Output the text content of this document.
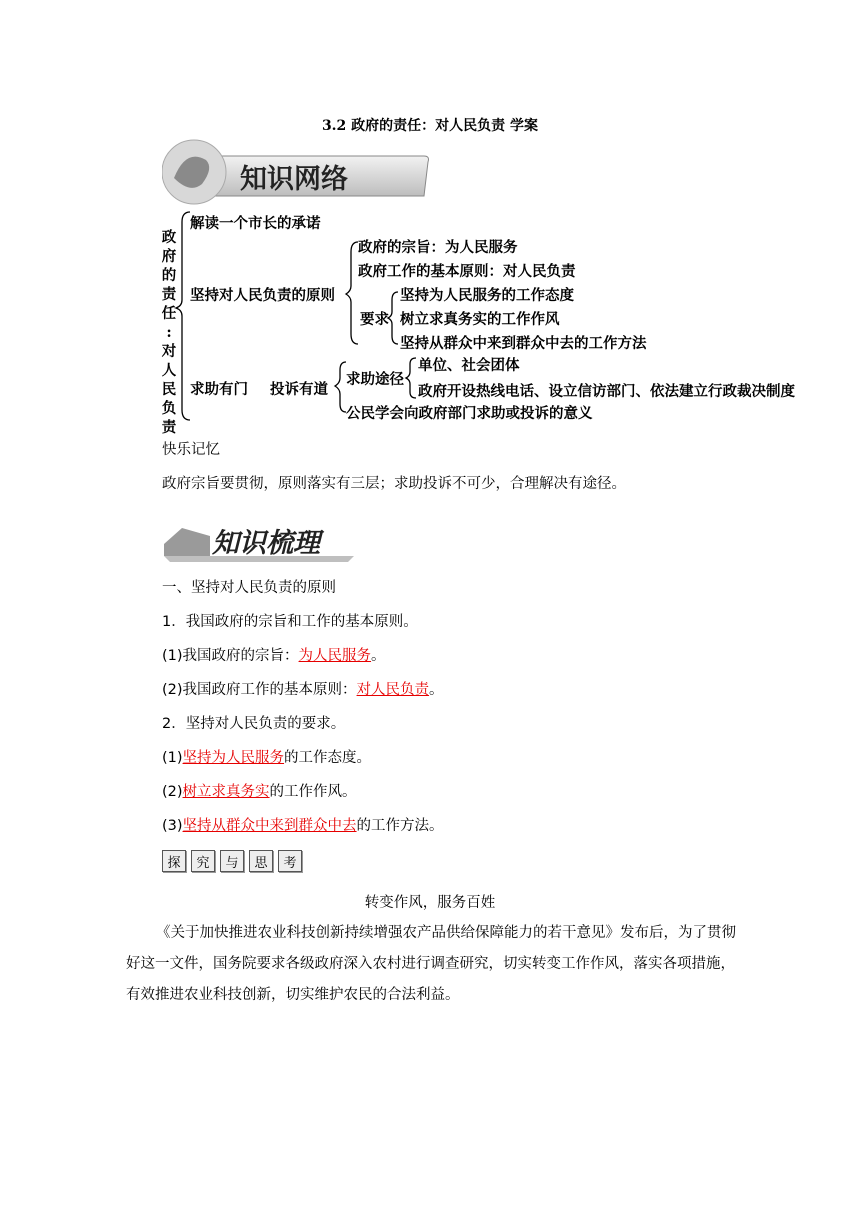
3.2 政府的责任：对人民负责 学案
知识网络
政
府
的
责
任
:
对
人
民
负
责
解读一个市长的承诺
坚持对人民负责的原则
政府的宗旨：为人民服务
政府工作的基本原则：对人民负责
要求
坚持为人民服务的工作态度
树立求真务实的工作作风
坚持从群众中来到群众中去的工作方法
求助有门 投诉有道
求助途径
单位、社会团体
政府开设热线电话、设立信访部门、依法建立行政裁决制度
公民学会向政府部门求助或投诉的意义
快乐记忆
政府宗旨要贯彻，原则落实有三层；求助投诉不可少，合理解决有途径。
知识梳理
一、坚持对人民负责的原则
1．我国政府的宗旨和工作的基本原则。
(1)我国政府的宗旨：为人民服务。
(2)我国政府工作的基本原则：对人民负责。
2．坚持对人民负责的要求。
(1)坚持为人民服务的工作态度。
(2)树立求真务实的工作作风。
(3)坚持从群众中来到群众中去的工作方法。
探	究	与	思	考
转变作风，服务百姓
《关于加快推进农业科技创新持续增强农产品供给保障能力的若干意见》发布后，为了贯彻好这一文件，国务院要求各级政府深入农村进行调查研究，切实转变工作作风，落实各项措施，有效推进农业科技创新，切实维护农民的合法利益。
